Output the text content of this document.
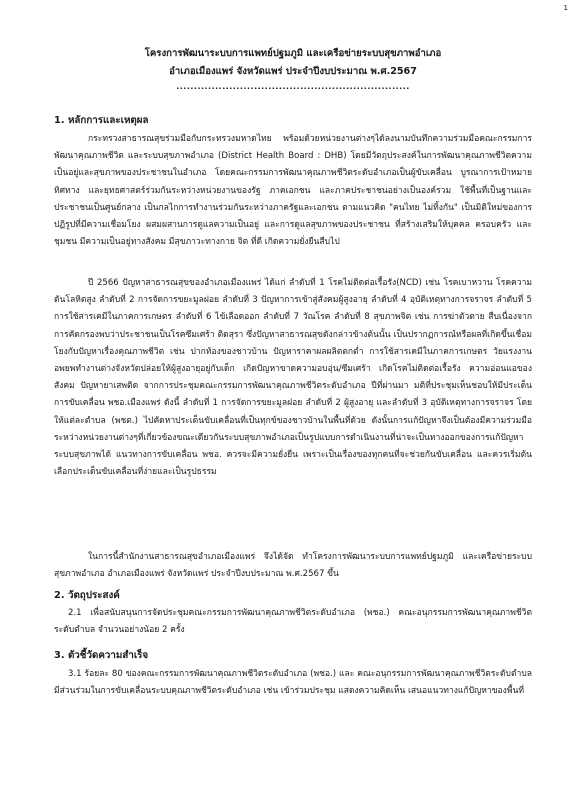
1
โครงการพัฒนาระบบการแพทย์ปฐมภูมิ และเครือข่ายระบบสุขภาพอำเภอ
อำเภอเมืองแพร่ จังหวัดแพร่ ประจำปีงบประมาณ พ.ศ.2567
..................................................................
1. หลักการและเหตุผล
กระทรวงสาธารณสุขร่วมมือกับกระทรวงมหาดไทย พร้อมด้วยหน่วยงานต่างๆได้ลงนามบันทึกความร่วมมือคณะกรรมการพัฒนาคุณภาพชีวิต และระบบสุขภาพอำเภอ (District Health Board : DHB) โดยมีวัตถุประสงค์ในการพัฒนาคุณภาพชีวิตความเป็นอยู่และสุขภาพของประชาชนในอำเภอ โดยคณะกรรมการพัฒนาคุณภาพชีวิตระดับอำเภอเป็นผู้ขับเคลื่อน บูรณาการเป้าหมายทิศทาง และยุทธศาสตร์ร่วมกันระหว่างหน่วยงานของรัฐ ภาคเอกชน และภาคประชาชนอย่างเป็นองค์รวม ใช้พื้นที่เป็นฐานและประชาชนเป็นศูนย์กลาง เป็นกลไกการทำงานร่วมกันระหว่างภาครัฐและเอกชน ตามแนวคิด "คนไทย ไม่ทิ้งกัน" เป็นมิติใหม่ของการปฏิรูปที่มีความเชื่อมโยง ผสมผสานการดูแลความเป็นอยู่ และการดูแลสุขภาพของประชาชน ที่สร้างเสริมให้บุคคล ครอบครัว และชุมชน มีความเป็นอยู่ทางสังคม มีสุขภาวะทางกาย จิต ที่ดี เกิดความยั่งยืนสืบไป
ปี 2566 ปัญหาสาธารณสุขของอำเภอเมืองแพร่ ได้แก่ ลำดับที่ 1 โรคไม่ติดต่อเรื้อรัง(NCD) เช่น โรคเบาหวาน โรคความดันโลหิตสูง ลำดับที่ 2 การจัดการขยะมูลฝอย ลำดับที่ 3 ปัญหาการเข้าสู่สังคมผู้สูงอายุ ลำดับที่ 4 อุบัติเหตุทางการจราจร ลำดับที่ 5 การใช้สารเคมีในภาคการเกษตร ลำดับที่ 6 ไข้เลือดออก ลำดับที่ 7 วัณโรค ลำดับที่ 8 สุขภาพจิต เช่น การฆ่าตัวตาย สืบเนื่องจากการคัดกรองพบว่าประชาชนเป็นโรคซึมเศร้า ติดสุรา ซึ่งปัญหาสาธารณสุขดังกล่าวข้างต้นนั้น เป็นปรากฏการณ์หรือผลที่เกิดขึ้นเชื่อมโยงกับปัญหาเรื่องคุณภาพชีวิต เช่น ปากท้องของชาวบ้าน ปัญหาราคาผลผลิตตกต่ำ การใช้สารเคมีในภาคการเกษตร วัยแรงงานอพยพทำงานต่างจังหวัดปล่อยให้ผู้สูงอายุอยู่กับเด็ก เกิดปัญหาขาดความอบอุ่น/ซึมเศร้า เกิดโรคไม่ติดต่อเรื้อรัง ความอ่อนแอของสังคม ปัญหายาเสพติด จากการประชุมคณะกรรมการพัฒนาคุณภาพชีวิตระดับอำเภอ ปีที่ผ่านมา มติที่ประชุมเห็นชอบให้มีประเด็นการขับเคลื่อน พชอ.เมืองแพร่ ดังนี้ ลำดับที่ 1 การจัดการขยะมูลฝอย ลำดับที่ 2 ผู้สูงอายุ และลำดับที่ 3 อุบัติเหตุทางการจราจร โดยให้แต่ละตำบล (พชต.) ไปคัดหาประเด็นขับเคลื่อนที่เป็นทุกข์ของชาวบ้านในพื้นที่ด้วย ดังนั้นการแก้ปัญหาจึงเป็นต้องมีความร่วมมือระหว่างหน่วยงานต่างๆที่เกี่ยวข้องขณะเดียวกันระบบสุขภาพอำเภอเป็นรูปแบบการดำเนินงานที่น่าจะเป็นทางออกของการแก้ปัญหาระบบสุขภาพได้ แนวทางการขับเคลื่อน พชอ. ควรจะมีความยั่งยืน เพราะเป็นเรื่องของทุกคนที่จะช่วยกันขับเคลื่อน และควรเริ่มต้นเลือกประเด็นขับเคลื่อนที่ง่ายและเป็นรูปธรรม
ในการนี้สำนักงานสาธารณสุขอำเภอเมืองแพร่ จึงได้จัด ทำโครงการพัฒนาระบบการแพทย์ปฐมภูมิ และเครือข่ายระบบสุขภาพอำเภอ อำเภอเมืองแพร่ จังหวัดแพร่ ประจำปีงบประมาณ พ.ศ.2567 ขึ้น
2. วัตถุประสงค์
2.1 เพื่อสนับสนุนการจัดประชุมคณะกรรมการพัฒนาคุณภาพชีวิตระดับอำเภอ (พชอ.) คณะอนุกรรมการพัฒนาคุณภาพชีวิตระดับตำบล จำนวนอย่างน้อย 2 ครั้ง
3. ตัวชี้วัดความสำเร็จ
3.1 ร้อยละ 80 ของคณะกรรมการพัฒนาคุณภาพชีวิตระดับอำเภอ (พชอ.) และ คณะอนุกรรมการพัฒนาคุณภาพชีวิตระดับตำบล มีส่วนร่วมในการขับเคลื่อนระบบคุณภาพชีวิตระดับอำเภอ เช่น เข้าร่วมประชุม แสดงความคิดเห็น เสนอแนวทางแก้ปัญหาของพื้นที่
